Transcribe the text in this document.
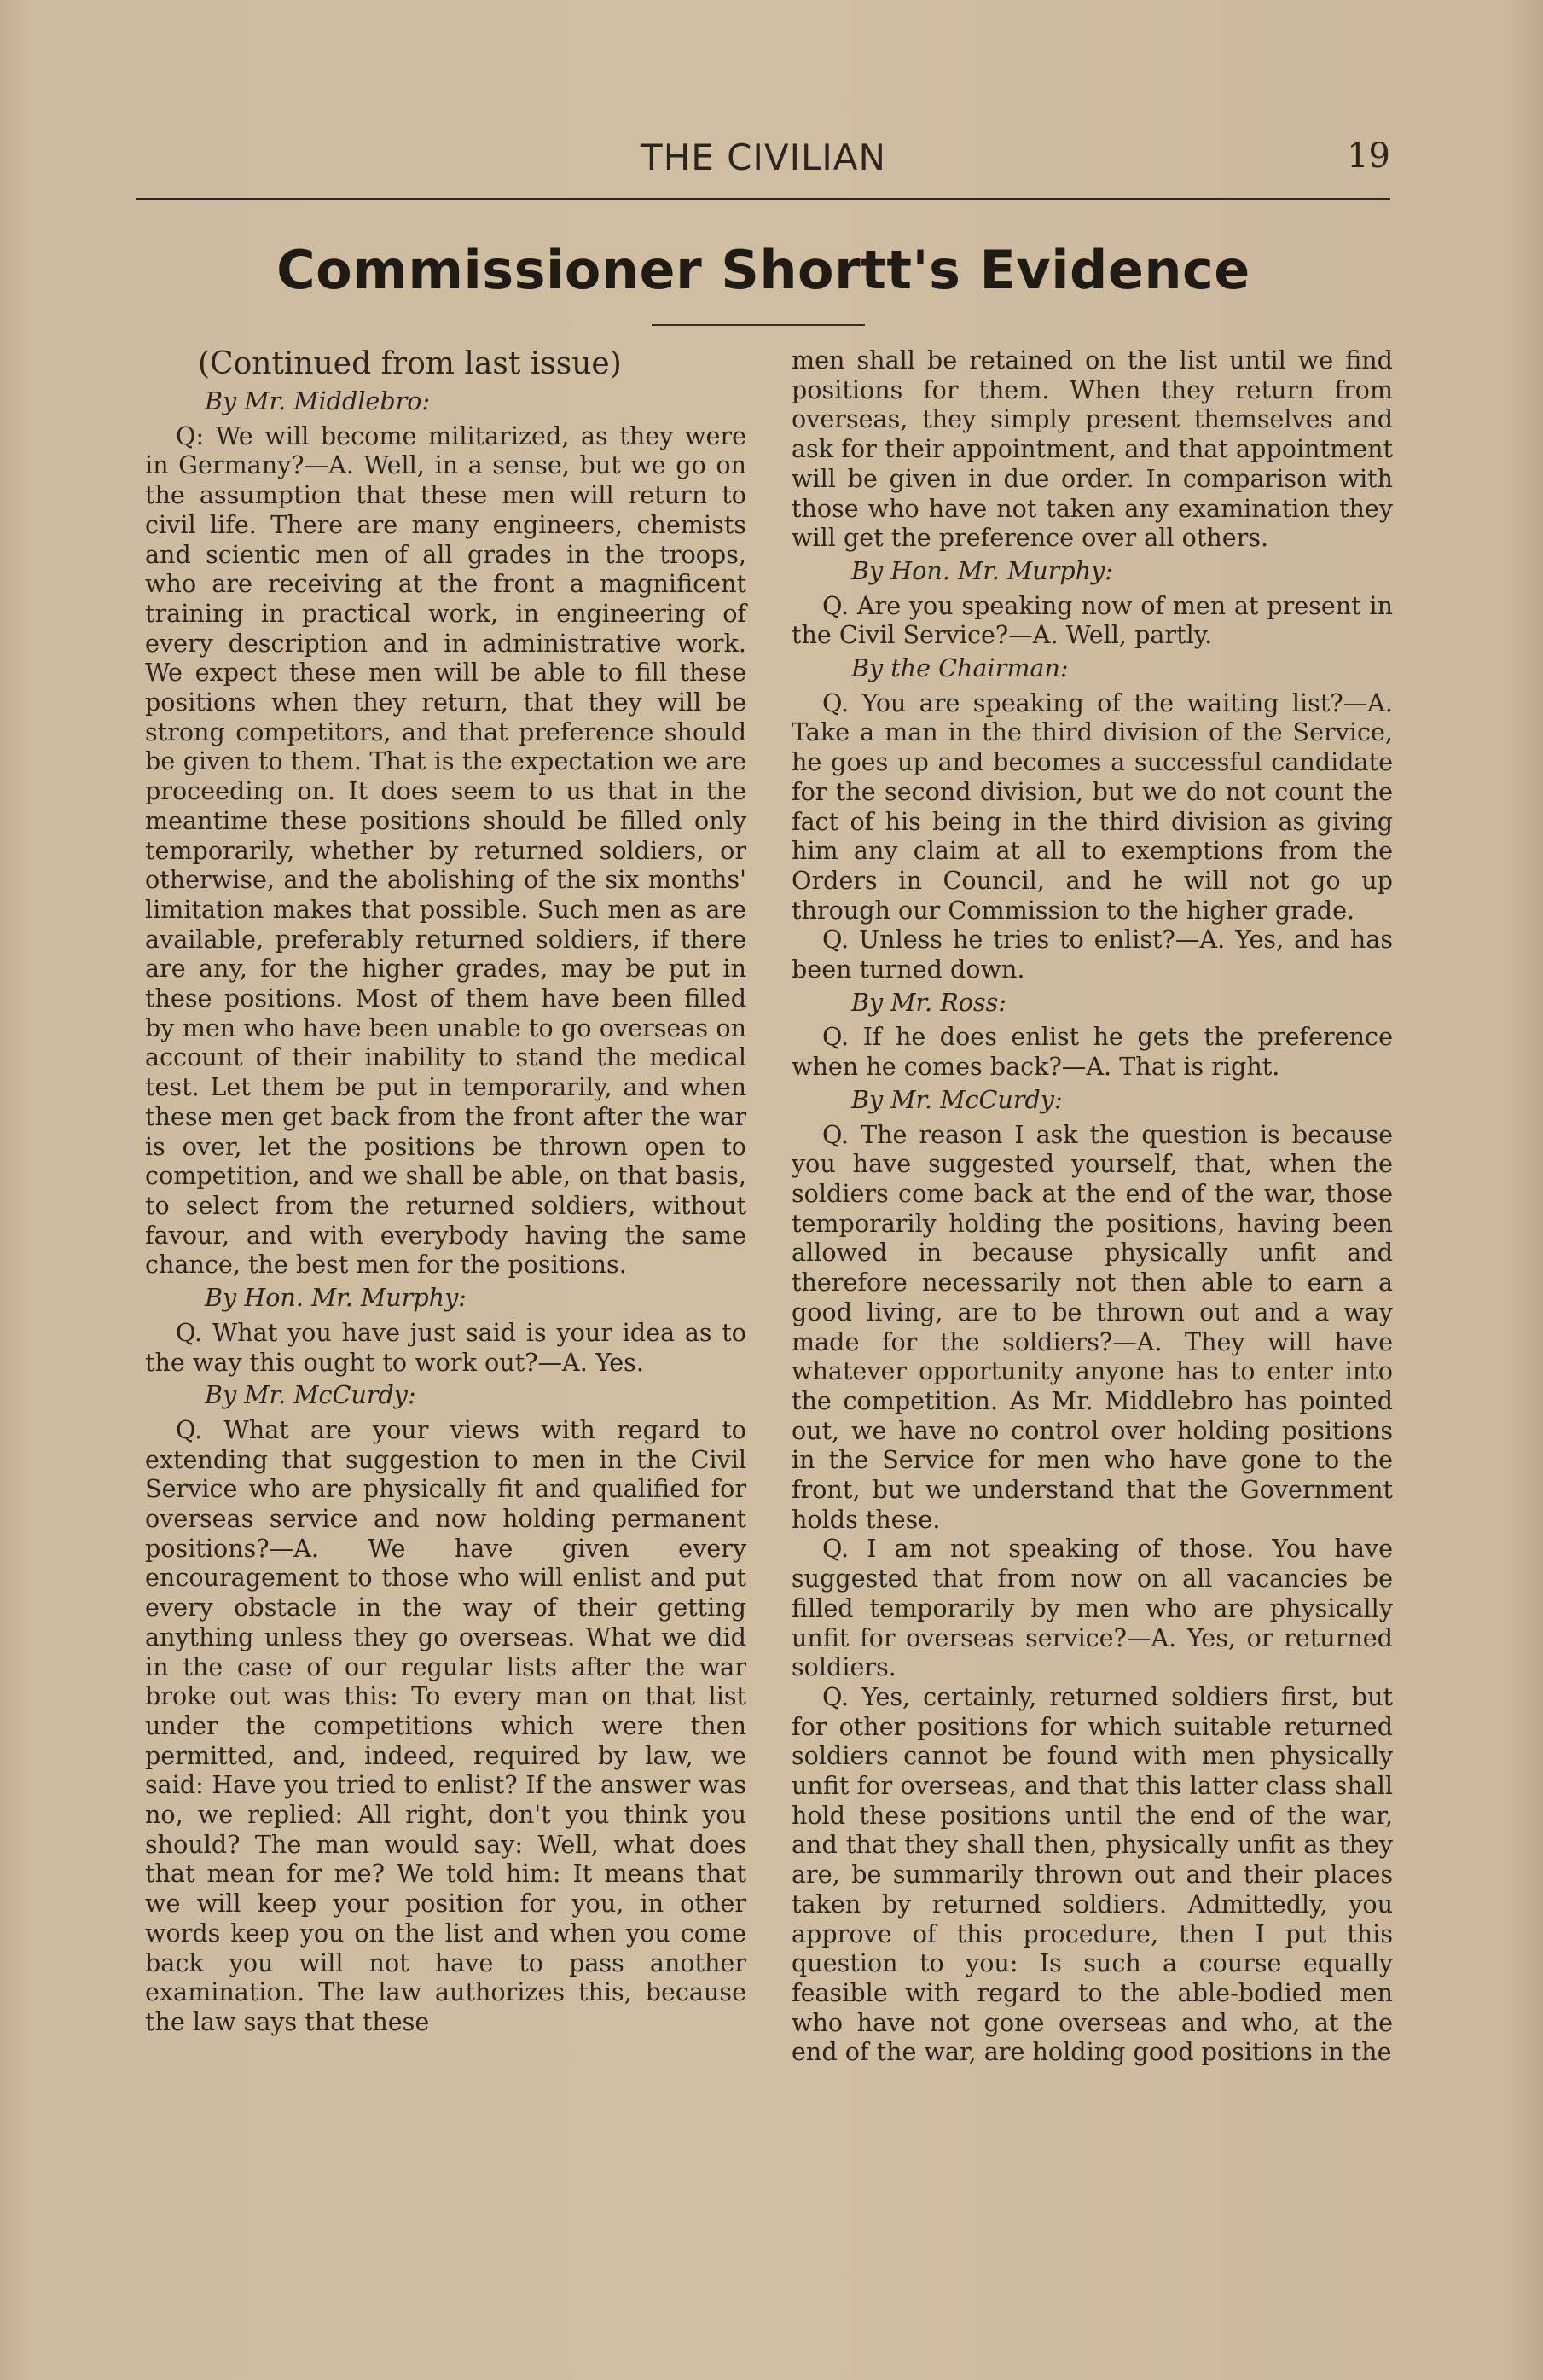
THE CIVILIAN	19
Commissioner Shortt's Evidence

(Continued from last issue)

By Mr. Middlebro:

Q: We will become militarized, as they were in Germany?—A. Well, in a sense, but we go on the assumption that these men will return to civil life. There are many engineers, chemists and scientic men of all grades in the troops, who are receiving at the front a magnificent training in practical work, in engineering of every description and in administrative work. We expect these men will be able to fill these positions when they return, that they will be strong competitors, and that preference should be given to them. That is the expectation we are proceeding on. It does seem to us that in the meantime these positions should be filled only temporarily, whether by returned soldiers, or otherwise, and the abolishing of the six months' limitation makes that possible. Such men as are available, preferably returned soldiers, if there are any, for the higher grades, may be put in these positions. Most of them have been filled by men who have been unable to go overseas on account of their inability to stand the medical test. Let them be put in temporarily, and when these men get back from the front after the war is over, let the positions be thrown open to competition, and we shall be able, on that basis, to select from the returned soldiers, without favour, and with everybody having the same chance, the best men for the positions.

By Hon. Mr. Murphy:

Q. What you have just said is your idea as to the way this ought to work out?—A. Yes.

By Mr. McCurdy:

Q. What are your views with regard to extending that suggestion to men in the Civil Service who are physically fit and qualified for overseas service and now holding permanent positions?—A. We have given every encouragement to those who will enlist and put every obstacle in the way of their getting anything unless they go overseas. What we did in the case of our regular lists after the war broke out was this: To every man on that list under the competitions which were then permitted, and, indeed, required by law, we said: Have you tried to enlist? If the answer was no, we replied: All right, don't you think you should? The man would say: Well, what does that mean for me? We told him: It means that we will keep your position for you, in other words keep you on the list and when you come back you will not have to pass another examination. The law authorizes this, because the law says that these

men shall be retained on the list until we find positions for them. When they return from overseas, they simply present themselves and ask for their appointment, and that appointment will be given in due order. In comparison with those who have not taken any examination they will get the preference over all others.

By Hon. Mr. Murphy:

Q. Are you speaking now of men at present in the Civil Service?—A. Well, partly.

By the Chairman:

Q. You are speaking of the waiting list?—A. Take a man in the third division of the Service, he goes up and becomes a successful candidate for the second division, but we do not count the fact of his being in the third division as giving him any claim at all to exemptions from the Orders in Council, and he will not go up through our Commission to the higher grade.

Q. Unless he tries to enlist?—A. Yes, and has been turned down.

By Mr. Ross:

Q. If he does enlist he gets the preference when he comes back?—A. That is right.

By Mr. McCurdy:

Q. The reason I ask the question is because you have suggested yourself, that, when the soldiers come back at the end of the war, those temporarily holding the positions, having been allowed in because physically unfit and therefore necessarily not then able to earn a good living, are to be thrown out and a way made for the soldiers?—A. They will have whatever opportunity anyone has to enter into the competition. As Mr. Middlebro has pointed out, we have no control over holding positions in the Service for men who have gone to the front, but we understand that the Government holds these.

Q. I am not speaking of those. You have suggested that from now on all vacancies be filled temporarily by men who are physically unfit for overseas service?—A. Yes, or returned soldiers.

Q. Yes, certainly, returned soldiers first, but for other positions for which suitable returned soldiers cannot be found with men physically unfit for overseas, and that this latter class shall hold these positions until the end of the war, and that they shall then, physically unfit as they are, be summarily thrown out and their places taken by returned soldiers. Admittedly, you approve of this procedure, then I put this question to you: Is such a course equally feasible with regard to the able-bodied men who have not gone overseas and who, at the end of the war, are holding good positions in the
